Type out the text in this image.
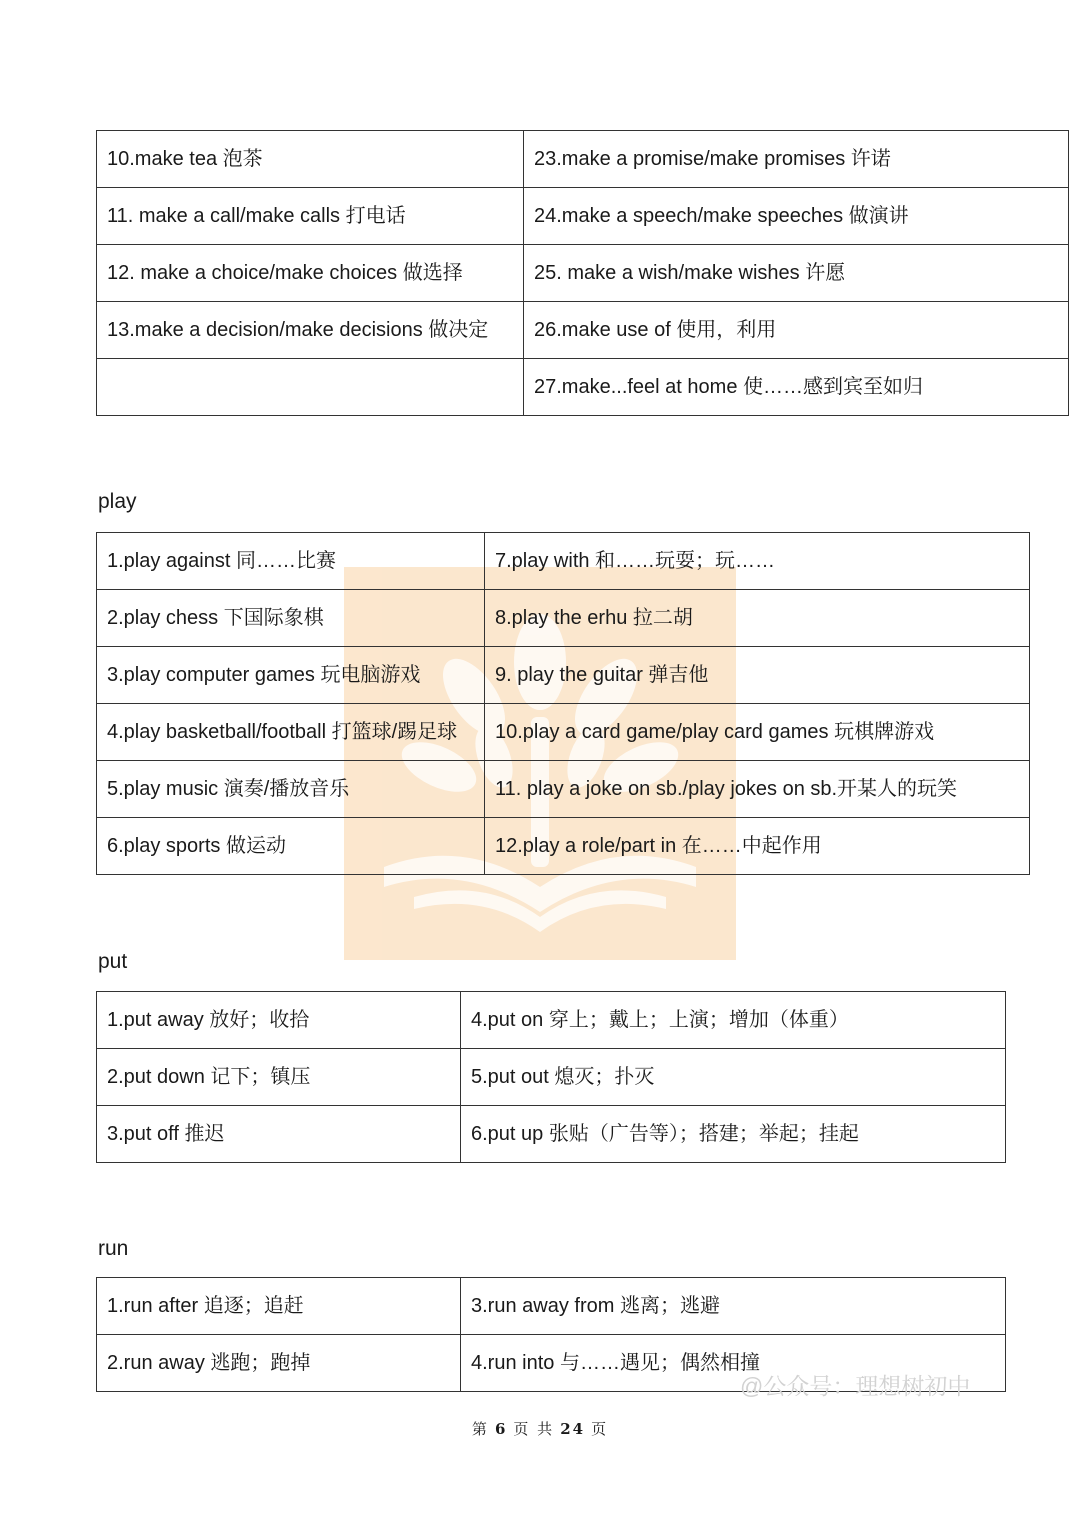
10.make tea 泡茶	23.make a promise/make promises 许诺
11. make a call/make calls 打电话	24.make a speech/make speeches 做演讲
12. make a choice/make choices 做选择	25. make a wish/make wishes 许愿
13.make a decision/make decisions 做决定	26.make use of 使用，利用
	27.make...feel at home 使……感到宾至如归
play
1.play against 同……比赛	7.play with 和……玩耍；玩……
2.play chess 下国际象棋	8.play the erhu 拉二胡
3.play computer games 玩电脑游戏	9. play the guitar 弹吉他
4.play basketball/football 打篮球/踢足球	10.play a card game/play card games 玩棋牌游戏
5.play music 演奏/播放音乐	11. play a joke on sb./play jokes on sb.开某人的玩笑
6.play sports 做运动	12.play a role/part in 在……中起作用
put
1.put away 放好；收拾	4.put on 穿上；戴上；上演；增加（体重）
2.put down 记下；镇压	5.put out 熄灭；扑灭
3.put off 推迟	6.put up 张贴（广告等）；搭建；举起；挂起
run
1.run after 追逐；追赶	3.run away from 逃离；逃避
2.run away 逃跑；跑掉	4.run into 与……遇见；偶然相撞
@公众号：理想树初中
第 6 页 共 24 页
